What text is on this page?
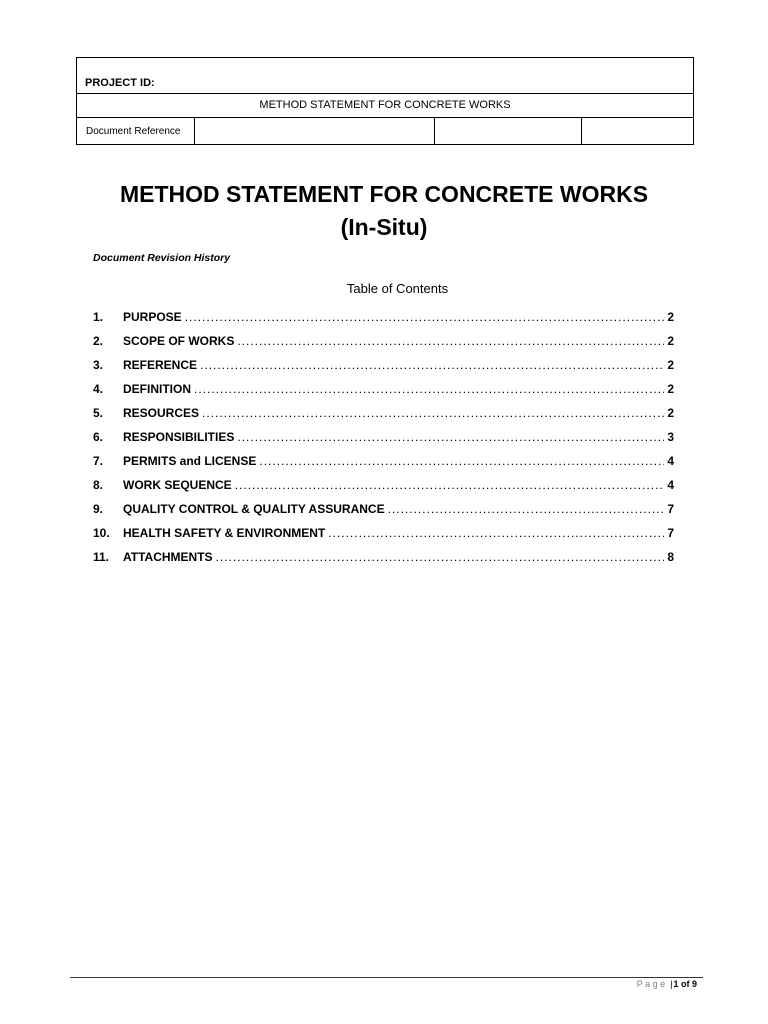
PROJECT ID:
METHOD STATEMENT FOR CONCRETE WORKS
Document Reference			
METHOD STATEMENT FOR CONCRETE WORKS
(In-Situ)
Document Revision History
Table of Contents
1.	PURPOSE .....	2
2.	SCOPE OF WORKS .....	2
3.	REFERENCE .....	2
4.	DEFINITION .....	2
5.	RESOURCES .....	2
6.	RESPONSIBILITIES .....	3
7.	PERMITS and LICENSE .....	4
8.	WORK SEQUENCE .....	4
9.	QUALITY CONTROL & QUALITY ASSURANCE .....	7
10.	HEALTH SAFETY & ENVIRONMENT .....	7
11.	ATTACHMENTS .....	8
P a g e |1 of 9
